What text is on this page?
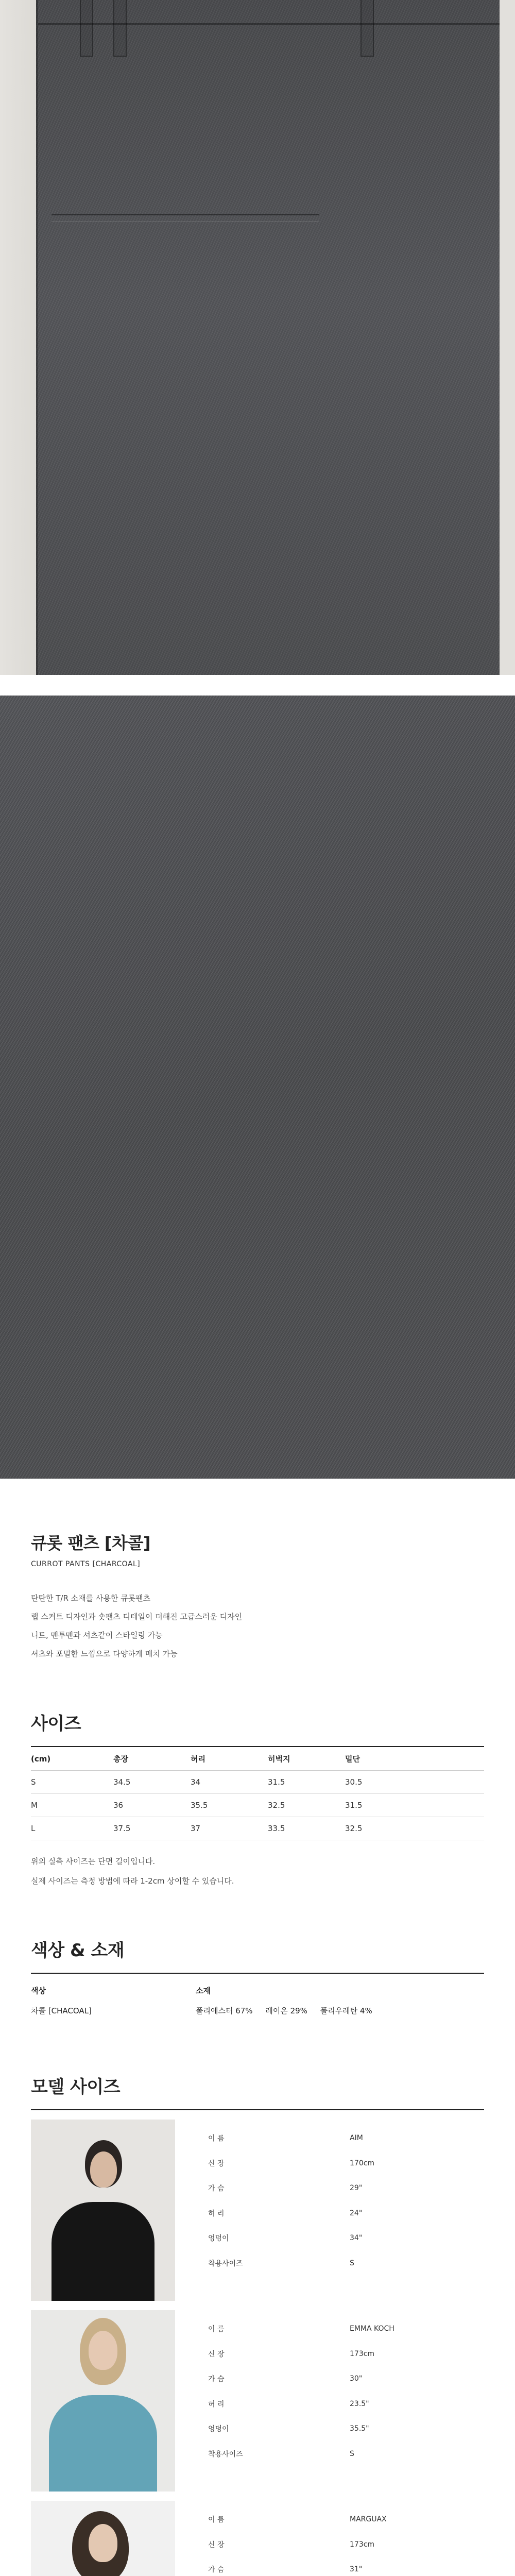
큐롯 팬츠 [차콜]
CURROT PANTS [CHARCOAL]

탄탄한 T/R 소재를 사용한 큐롯팬츠

랩 스커트 디자인과 숏팬츠 디테일이 더해진 고급스러운 디자인

니트, 맨투맨과 셔츠같이 스타일링 가능

셔츠와 포멀한 느낌으로 다양하게 매치 가능

사이즈
(cm)	총장	허리	히벅지	밑단
S	34.5	34	31.5	30.5
M	36	35.5	32.5	31.5
L	37.5	37	33.5	32.5

위의 실측 사이즈는 단면 길이입니다.

실제 사이즈는 측정 방법에 따라 1-2cm 상이할 수 있습니다.

색상 & 소재
색상	소재
차콜 [CHACOAL]	폴리에스터 67% 레이온 29% 폴리우레탄 4%
모델 사이즈
이 름	AIM
신 장	170cm
가 슴	29"
허 리	24"
엉덩이	34"
착용사이즈	S
이 름	EMMA KOCH
신 장	173cm
가 슴	30"
허 리	23.5"
엉덩이	35.5"
착용사이즈	S
이 름	MARGUAX
신 장	173cm
가 슴	31"
